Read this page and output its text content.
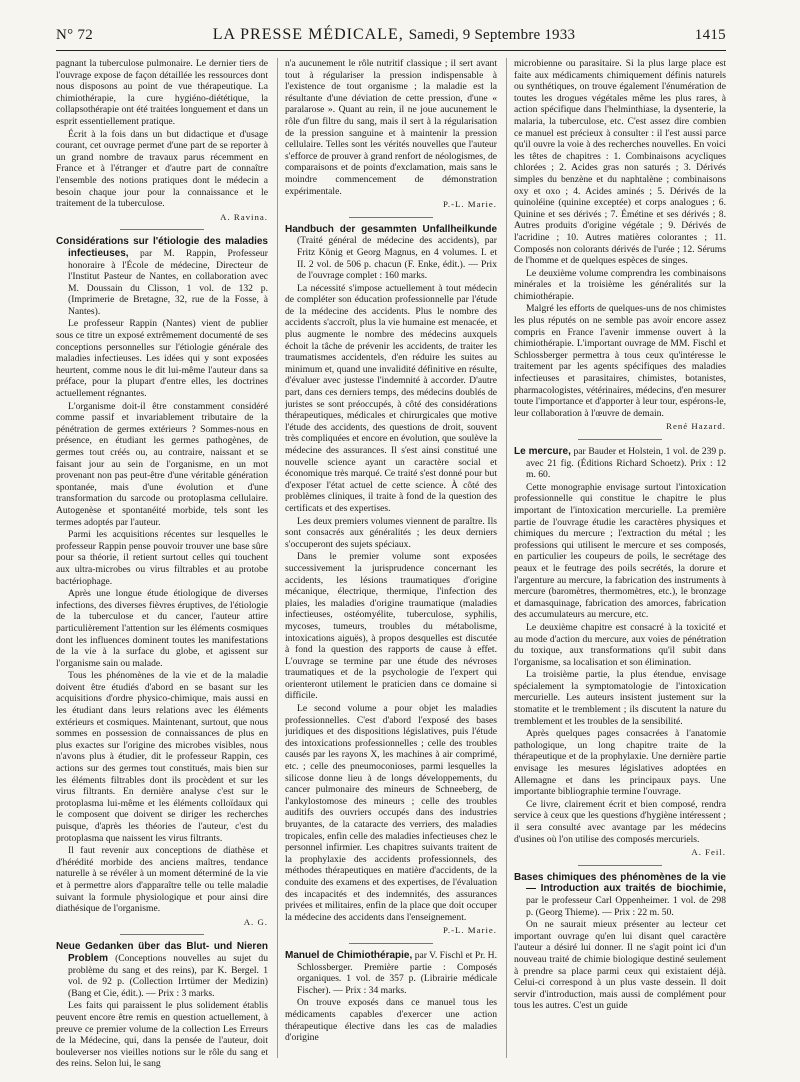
N° 72	LA PRESSE MÉDICALE, Samedi, 9 Septembre 1933	1415

pagnant la tuberculose pulmonaire. Le dernier tiers de l'ouvrage expose de façon détaillée les ressources dont nous disposons au point de vue thérapeutique. La chimiothérapie, la cure hygiéno-diététique, la collapsothérapie ont été traitées longuement et dans un esprit essentiellement pratique.

Écrit à la fois dans un but didactique et d'usage courant, cet ouvrage permet d'une part de se reporter à un grand nombre de travaux parus récemment en France et à l'étranger et d'autre part de connaître l'ensemble des notions pratiques dont le médecin a besoin chaque jour pour la connaissance et le traitement de la tuberculose.

A. Ravina.

Considérations sur l'étiologie des maladies infectieuses, par M. Rappin, Professeur honoraire à l'École de médecine, Directeur de l'Institut Pasteur de Nantes, en collaboration avec M. Doussain du Clisson, 1 vol. de 132 p. (Imprimerie de Bretagne, 32, rue de la Fosse, à Nantes).

Le professeur Rappin (Nantes) vient de publier sous ce titre un exposé extrêmement documenté de ses conceptions personnelles sur l'étiologie générale des maladies infectieuses. Les idées qui y sont exposées heurtent, comme nous le dit lui-même l'auteur dans sa préface, pour la plupart d'entre elles, les doctrines actuellement régnantes.

L'organisme doit-il être constamment considéré comme passif et invariablement tributaire de la pénétration de germes extérieurs ? Sommes-nous en présence, en étudiant les germes pathogènes, de germes tout créés ou, au contraire, naissant et se faisant jour au sein de l'organisme, en un mot provenant non pas peut-être d'une véritable génération spontanée, mais d'une évolution et d'une transformation du sarcode ou protoplasma cellulaire. Autogenèse et spontanéité morbide, tels sont les termes adoptés par l'auteur.

Parmi les acquisitions récentes sur lesquelles le professeur Rappin pense pouvoir trouver une base sûre pour sa théorie, il retient surtout celles qui touchent aux ultra-microbes ou virus filtrables et au protobe bactériophage.

Après une longue étude étiologique de diverses infections, des diverses fièvres éruptives, de l'étiologie de la tuberculose et du cancer, l'auteur attire particulièrement l'attention sur les éléments cosmiques dont les influences dominent toutes les manifestations de la vie à la surface du globe, et agissent sur l'organisme sain ou malade.

Tous les phénomènes de la vie et de la maladie doivent être étudiés d'abord en se basant sur les acquisitions d'ordre physico-chimique, mais aussi en les étudiant dans leurs relations avec les éléments extérieurs et cosmiques. Maintenant, surtout, que nous sommes en possession de connaissances de plus en plus exactes sur l'origine des microbes visibles, nous n'avons plus à étudier, dit le professeur Rappin, ces actions sur des germes tout constitués, mais bien sur les éléments filtrables dont ils procèdent et sur les virus filtrants. En dernière analyse c'est sur le protoplasma lui-même et les éléments colloïdaux qui le composent que doivent se diriger les recherches puisque, d'après les théories de l'auteur, c'est du protoplasma que naissent les virus filtrants.

Il faut revenir aux conceptions de diathèse et d'hérédité morbide des anciens maîtres, tendance naturelle à se révéler à un moment déterminé de la vie et à permettre alors d'apparaître telle ou telle maladie suivant la formule physiologique et pour ainsi dire diathésique de l'organisme.

A. G.

Neue Gedanken über das Blut- und Nieren Problem (Conceptions nouvelles au sujet du problème du sang et des reins), par K. Bergel. 1 vol. de 92 p. (Collection Irrtümer der Medizin) (Bang et Cie, édit.). — Prix : 3 marks.

Les faits qui paraissent le plus solidement établis peuvent encore être remis en question actuellement, à preuve ce premier volume de la collection Les Erreurs de la Médecine, qui, dans la pensée de l'auteur, doit bouleverser nos vieilles notions sur le rôle du sang et des reins. Selon lui, le sang

n'a aucunement le rôle nutritif classique ; il sert avant tout à régulariser la pression indispensable à l'existence de tout organisme ; la maladie est la résultante d'une déviation de cette pression, d'une « paralarose ». Quant au rein, il ne joue aucunement le rôle d'un filtre du sang, mais il sert à la régularisation de la pression sanguine et à maintenir la pression cellulaire. Telles sont les vérités nouvelles que l'auteur s'efforce de prouver à grand renfort de néologismes, de comparaisons et de points d'exclamation, mais sans le moindre commencement de démonstration expérimentale.

P.-L. Marie.

Handbuch der gesammten Unfallheilkunde (Traité général de médecine des accidents), par Fritz König et Georg Magnus, en 4 volumes. I. et II. 2 vol. de 506 p. chacun (F. Enke, édit.). — Prix de l'ouvrage complet : 160 marks.

La nécessité s'impose actuellement à tout médecin de compléter son éducation professionnelle par l'étude de la médecine des accidents. Plus le nombre des accidents s'accroît, plus la vie humaine est menacée, et plus augmente le nombre des médecins auxquels échoit la tâche de prévenir les accidents, de traiter les traumatismes accidentels, d'en réduire les suites au minimum et, quand une invalidité définitive en résulte, d'évaluer avec justesse l'indemnité à accorder. D'autre part, dans ces derniers temps, des médecins doublés de juristes se sont préoccupés, à côté des considérations thérapeutiques, médicales et chirurgicales que motive l'étude des accidents, des questions de droit, souvent très compliquées et encore en évolution, que soulève la médecine des assurances. Il s'est ainsi constitué une nouvelle science ayant un caractère social et économique très marqué. Ce traité s'est donné pour but d'exposer l'état actuel de cette science. À côté des problèmes cliniques, il traite à fond de la question des certificats et des expertises.

Les deux premiers volumes viennent de paraître. Ils sont consacrés aux généralités ; les deux derniers s'occuperont des sujets spéciaux.

Dans le premier volume sont exposées successivement la jurisprudence concernant les accidents, les lésions traumatiques d'origine mécanique, électrique, thermique, l'infection des plaies, les maladies d'origine traumatique (maladies infectieuses, ostéomyélite, tuberculose, syphilis, mycoses, tumeurs, troubles du métabolisme, intoxications aiguës), à propos desquelles est discutée à fond la question des rapports de cause à effet. L'ouvrage se termine par une étude des névroses traumatiques et de la psychologie de l'expert qui orienteront utilement le praticien dans ce domaine si difficile.

Le second volume a pour objet les maladies professionnelles. C'est d'abord l'exposé des bases juridiques et des dispositions législatives, puis l'étude des intoxications professionnelles ; celle des troubles causés par les rayons X, les machines à air comprimé, etc. ; celle des pneumoconioses, parmi lesquelles la silicose donne lieu à de longs développements, du cancer pulmonaire des mineurs de Schneeberg, de l'ankylostomose des mineurs ; celle des troubles auditifs des ouvriers occupés dans des industries bruyantes, de la cataracte des verriers, des maladies tropicales, enfin celle des maladies infectieuses chez le personnel infirmier. Les chapitres suivants traitent de la prophylaxie des accidents professionnels, des méthodes thérapeutiques en matière d'accidents, de la conduite des examens et des expertises, de l'évaluation des incapacités et des indemnités, des assurances privées et militaires, enfin de la place que doit occuper la médecine des accidents dans l'enseignement.

P.-L. Marie.

Manuel de Chimiothérapie, par V. Fischl et Pr. H. Schlossberger. Première partie : Composés organiques. 1 vol. de 357 p. (Librairie médicale Fischer). — Prix : 34 marks.

On trouve exposés dans ce manuel tous les médicaments capables d'exercer une action thérapeutique élective dans les cas de maladies d'origine

microbienne ou parasitaire. Si la plus large place est faite aux médicaments chimiquement définis naturels ou synthétiques, on trouve également l'énumération de toutes les drogues végétales même les plus rares, à action spécifique dans l'helminthiase, la dysenterie, la malaria, la tuberculose, etc. C'est assez dire combien ce manuel est précieux à consulter : il l'est aussi parce qu'il ouvre la voie à des recherches nouvelles. En voici les têtes de chapitres : 1. Combinaisons acycliques chlorées ; 2. Acides gras non saturés ; 3. Dérivés simples du benzène et du naphtalène ; combinaisons oxy et oxo ; 4. Acides aminés ; 5. Dérivés de la quinoléine (quinine exceptée) et corps analogues ; 6. Quinine et ses dérivés ; 7. Émétine et ses dérivés ; 8. Autres produits d'origine végétale ; 9. Dérivés de l'acridine ; 10. Autres matières colorantes ; 11. Composés non colorants dérivés de l'urée ; 12. Sérums de l'homme et de quelques espèces de singes.

Le deuxième volume comprendra les combinaisons minérales et la troisième les généralités sur la chimiothérapie.

Malgré les efforts de quelques-uns de nos chimistes les plus réputés on ne semble pas avoir encore assez compris en France l'avenir immense ouvert à la chimiothérapie. L'important ouvrage de MM. Fischl et Schlossberger permettra à tous ceux qu'intéresse le traitement par les agents spécifiques des maladies infectieuses et parasitaires, chimistes, botanistes, pharmacologistes, vétérinaires, médecins, d'en mesurer toute l'importance et d'apporter à leur tour, espérons-le, leur collaboration à l'œuvre de demain.

René Hazard.

Le mercure, par Bauder et Holstein, 1 vol. de 239 p. avec 21 fig. (Éditions Richard Schoetz). Prix : 12 m. 60.

Cette monographie envisage surtout l'intoxication professionnelle qui constitue le chapitre le plus important de l'intoxication mercurielle. La première partie de l'ouvrage étudie les caractères physiques et chimiques du mercure ; l'extraction du métal ; les professions qui utilisent le mercure et ses composés, en particulier les coupeurs de poils, le secrétage des peaux et le feutrage des poils secrétés, la dorure et l'argenture au mercure, la fabrication des instruments à mercure (baromètres, thermomètres, etc.), le bronzage et damasquinage, fabrication des amorces, fabrication des accumulateurs au mercure, etc.

Le deuxième chapitre est consacré à la toxicité et au mode d'action du mercure, aux voies de pénétration du toxique, aux transformations qu'il subit dans l'organisme, sa localisation et son élimination.

La troisième partie, la plus étendue, envisage spécialement la symptomatologie de l'intoxication mercurielle. Les auteurs insistent justement sur la stomatite et le tremblement ; ils discutent la nature du tremblement et les troubles de la sensibilité.

Après quelques pages consacrées à l'anatomie pathologique, un long chapitre traite de la thérapeutique et de la prophylaxie. Une dernière partie envisage les mesures législatives adoptées en Allemagne et dans les principaux pays. Une importante bibliographie termine l'ouvrage.

Ce livre, clairement écrit et bien composé, rendra service à ceux que les questions d'hygiène intéressent ; il sera consulté avec avantage par les médecins d'usines où l'on utilise des composés mercuriels.

A. Feil.

Bases chimiques des phénomènes de la vie — Introduction aux traités de biochimie, par le professeur Carl Oppenheimer. 1 vol. de 298 p. (Georg Thieme). — Prix : 22 m. 50.

On ne saurait mieux présenter au lecteur cet important ouvrage qu'en lui disant quel caractère l'auteur a désiré lui donner. Il ne s'agit point ici d'un nouveau traité de chimie biologique destiné seulement à prendre sa place parmi ceux qui existaient déjà. Celui-ci correspond à un plus vaste dessein. Il doit servir d'introduction, mais aussi de complément pour tous les autres. C'est un guide
